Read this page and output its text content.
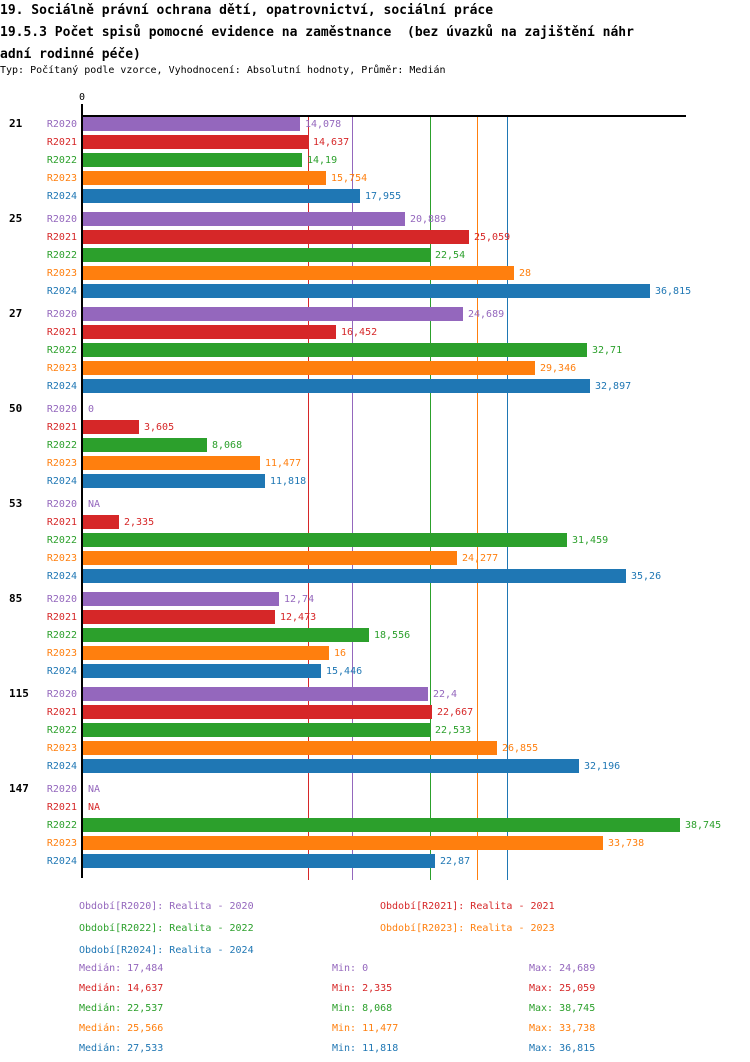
19. Sociálně právní ochrana dětí, opatrovnictví, sociální práce
19.5.3 Počet spisů pomocné evidence na zaměstnance  (bez úvazků na zajištění náhr
adní rodinné péče)
Typ: Počítaný podle vzorce, Vyhodnocení: Absolutní hodnoty, Průměr: Medián
21	R2020	14,078
R2021	14,637
R2022	14,19
R2023	15,754
R2024	17,955
25	R2020	20,889
R2021	25,059
R2022	22,54
R2023	28
R2024	36,815
27	R2020	24,689
R2021	16,452
R2022	32,71
R2023	29,346
R2024	32,897
50	R2020 0
R2021	3,605
R2022	8,068
R2023	11,477
R2024	11,818
53	R2020 NA
R2021	2,335
R2022	31,459
R2023	24,277
R2024	35,26
85	R2020	12,74
R2021	12,473
R2022	18,556
R2023	16
R2024	15,446
115	R2020	22,4
R2021	22,667
R2022	22,533
R2023	26,855
R2024	32,196
147	R2020 NA
R2021 NA
R2022	38,745
R2023	33,738
R2024	22,87
0
Období[R2020]: Realita - 2020	Období[R2021]: Realita - 2021
Období[R2022]: Realita - 2022	Období[R2023]: Realita - 2023
Období[R2024]: Realita - 2024
Medián: 17,484	Min: 0	Max: 24,689
Medián: 14,637	Min: 2,335	Max: 25,059
Medián: 22,537	Min: 8,068	Max: 38,745
Medián: 25,566	Min: 11,477	Max: 33,738
Medián: 27,533	Min: 11,818	Max: 36,815
